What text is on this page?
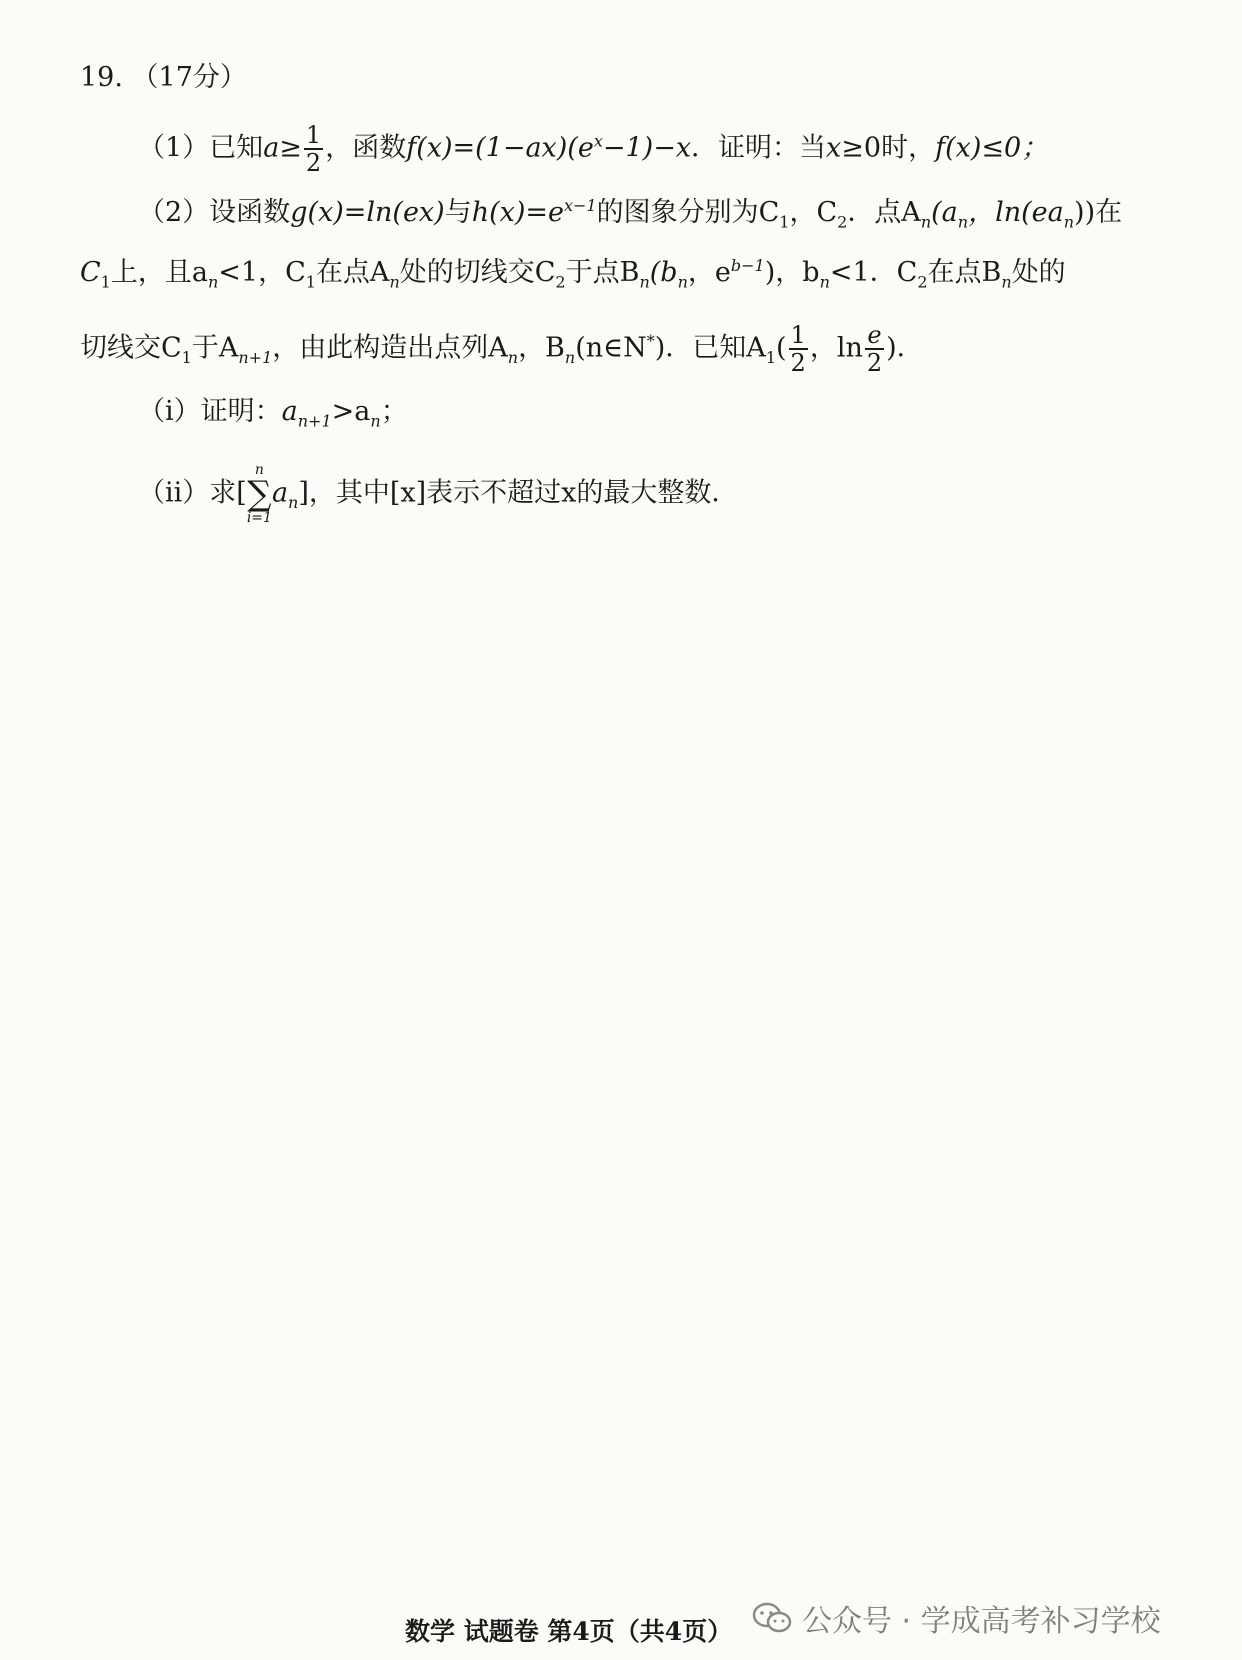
19. （17分）
（1）已知$a\ge \frac{1}{2}$ ，函数$f(x)=(1-ax)(e^x-1)-x$．证明：当x≥0时，f(x)≤0；
（2）设函数g(x)=ln(ex)与$h(x)=e^{x-1}$的图象分别为$C_1$，$C_2$．点$A_n(a_n$，$\ln(ea_n)$)在
$C_1$上，且$a_n<1$，$C_1$在点$A_n$处的切线交$C_2$于点$B_n(b_n$，$e^{b-1}$)，$b_n<1$．$C_2$在点$B_n$处的
切线交$C_1$于$A_{n+1}$，由此构造出点列$A_n$，$B_n(n\in N^*)$．已知$A_1( \frac{1}{2}$ ，$\ln \frac{e}{2}$ )．
（i）证明：$a_{n+1}>a_n$；
（ii）求[
n
∑
i=1
$a_n$]，其中[x]表示不超过x的最大整数．
数学 试题卷 第4页（共4页） 公众号 · 学成高考补习学校
